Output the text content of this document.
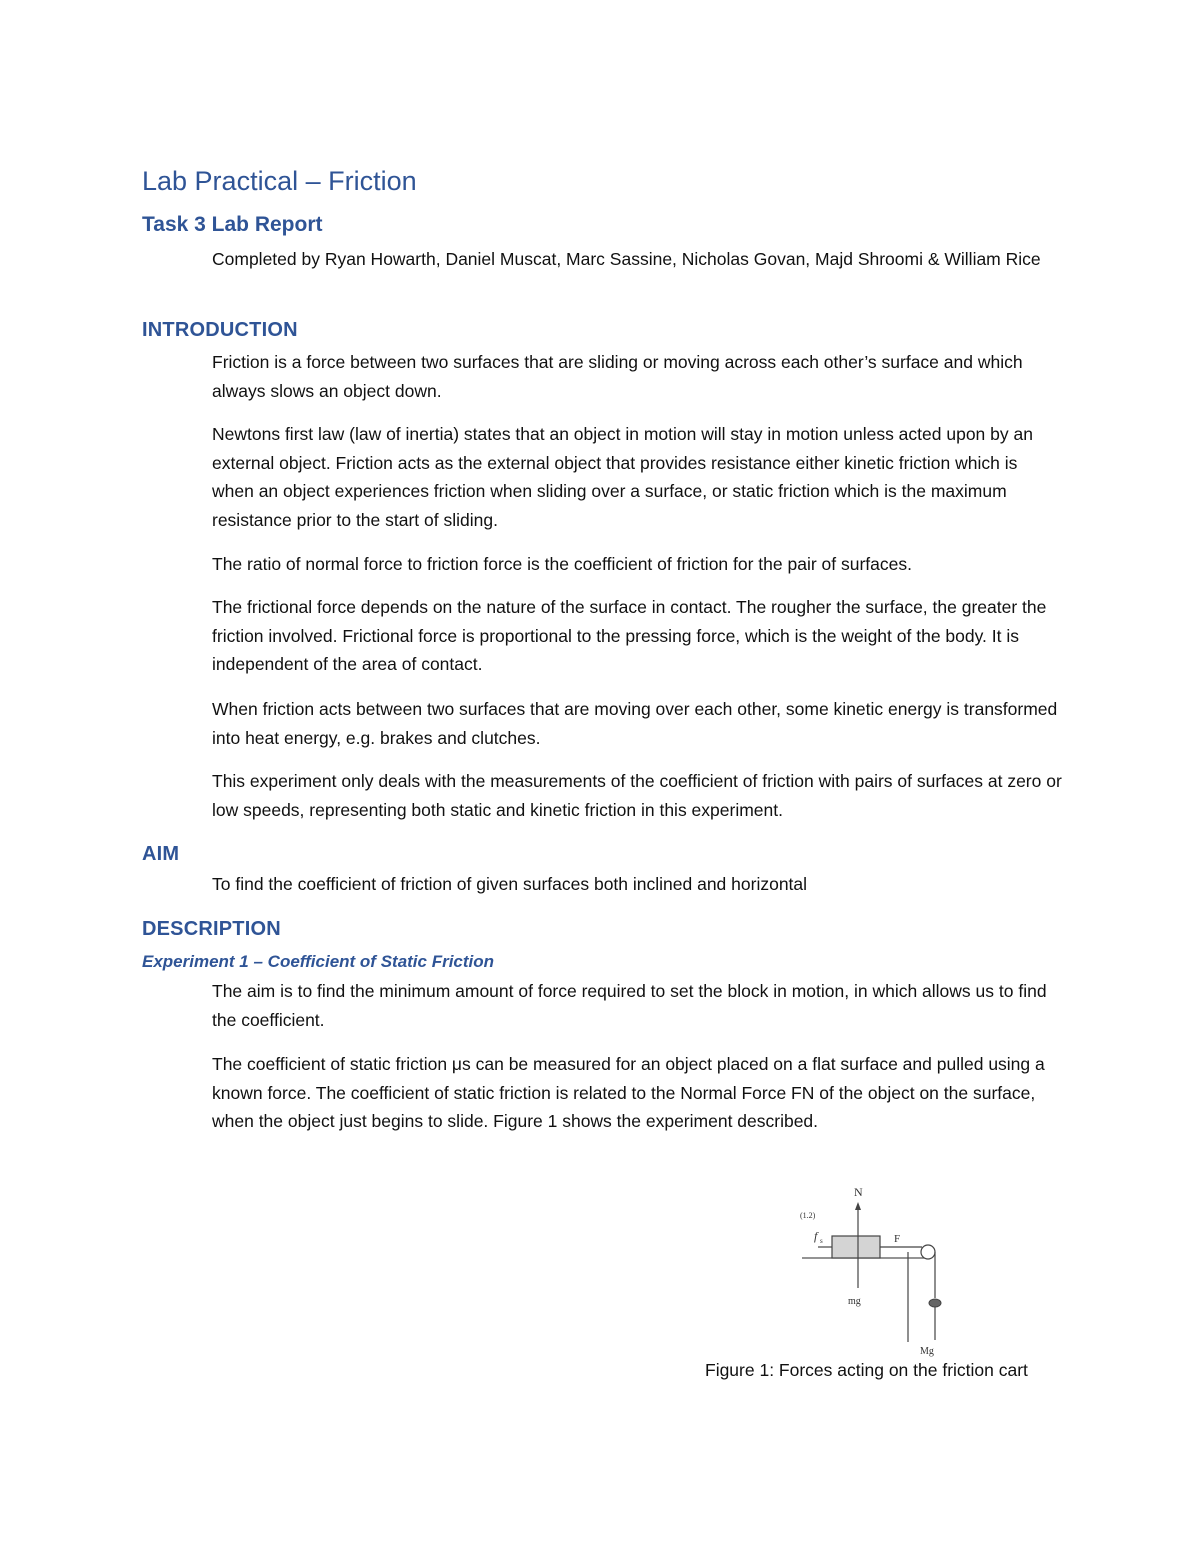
Lab Practical – Friction
Task 3 Lab Report

Completed by Ryan Howarth, Daniel Muscat, Marc Sassine, Nicholas Govan, Majd Shroomi & William Rice

INTRODUCTION

Friction is a force between two surfaces that are sliding or moving across each other’s surface and which always slows an object down.

Newtons first law (law of inertia) states that an object in motion will stay in motion unless acted upon by an external object. Friction acts as the external object that provides resistance either kinetic friction which is when an object experiences friction when sliding over a surface, or static friction which is the maximum resistance prior to the start of sliding.

The ratio of normal force to friction force is the coefficient of friction for the pair of surfaces.

The frictional force depends on the nature of the surface in contact. The rougher the surface, the greater the friction involved. Frictional force is proportional to the pressing force, which is the weight of the body. It is independent of the area of contact.

When friction acts between two surfaces that are moving over each other, some kinetic energy is transformed into heat energy, e.g. brakes and clutches.

This experiment only deals with the measurements of the coefficient of friction with pairs of surfaces at zero or low speeds, representing both static and kinetic friction in this experiment.

AIM

To find the coefficient of friction of given surfaces both inclined and horizontal

DESCRIPTION
Experiment 1 – Coefficient of Static Friction

The aim is to find the minimum amount of force required to set the block in motion, in which allows us to find the coefficient.

The coefficient of static friction μs can be measured for an object placed on a flat surface and pulled using a known force. The coefficient of static friction is related to the Normal Force FN of the object on the surface, when the object just begins to slide. Figure 1 shows the experiment described.

(1.2)
N
f s	F
mg
Mg

Figure 1: Forces acting on the friction cart
